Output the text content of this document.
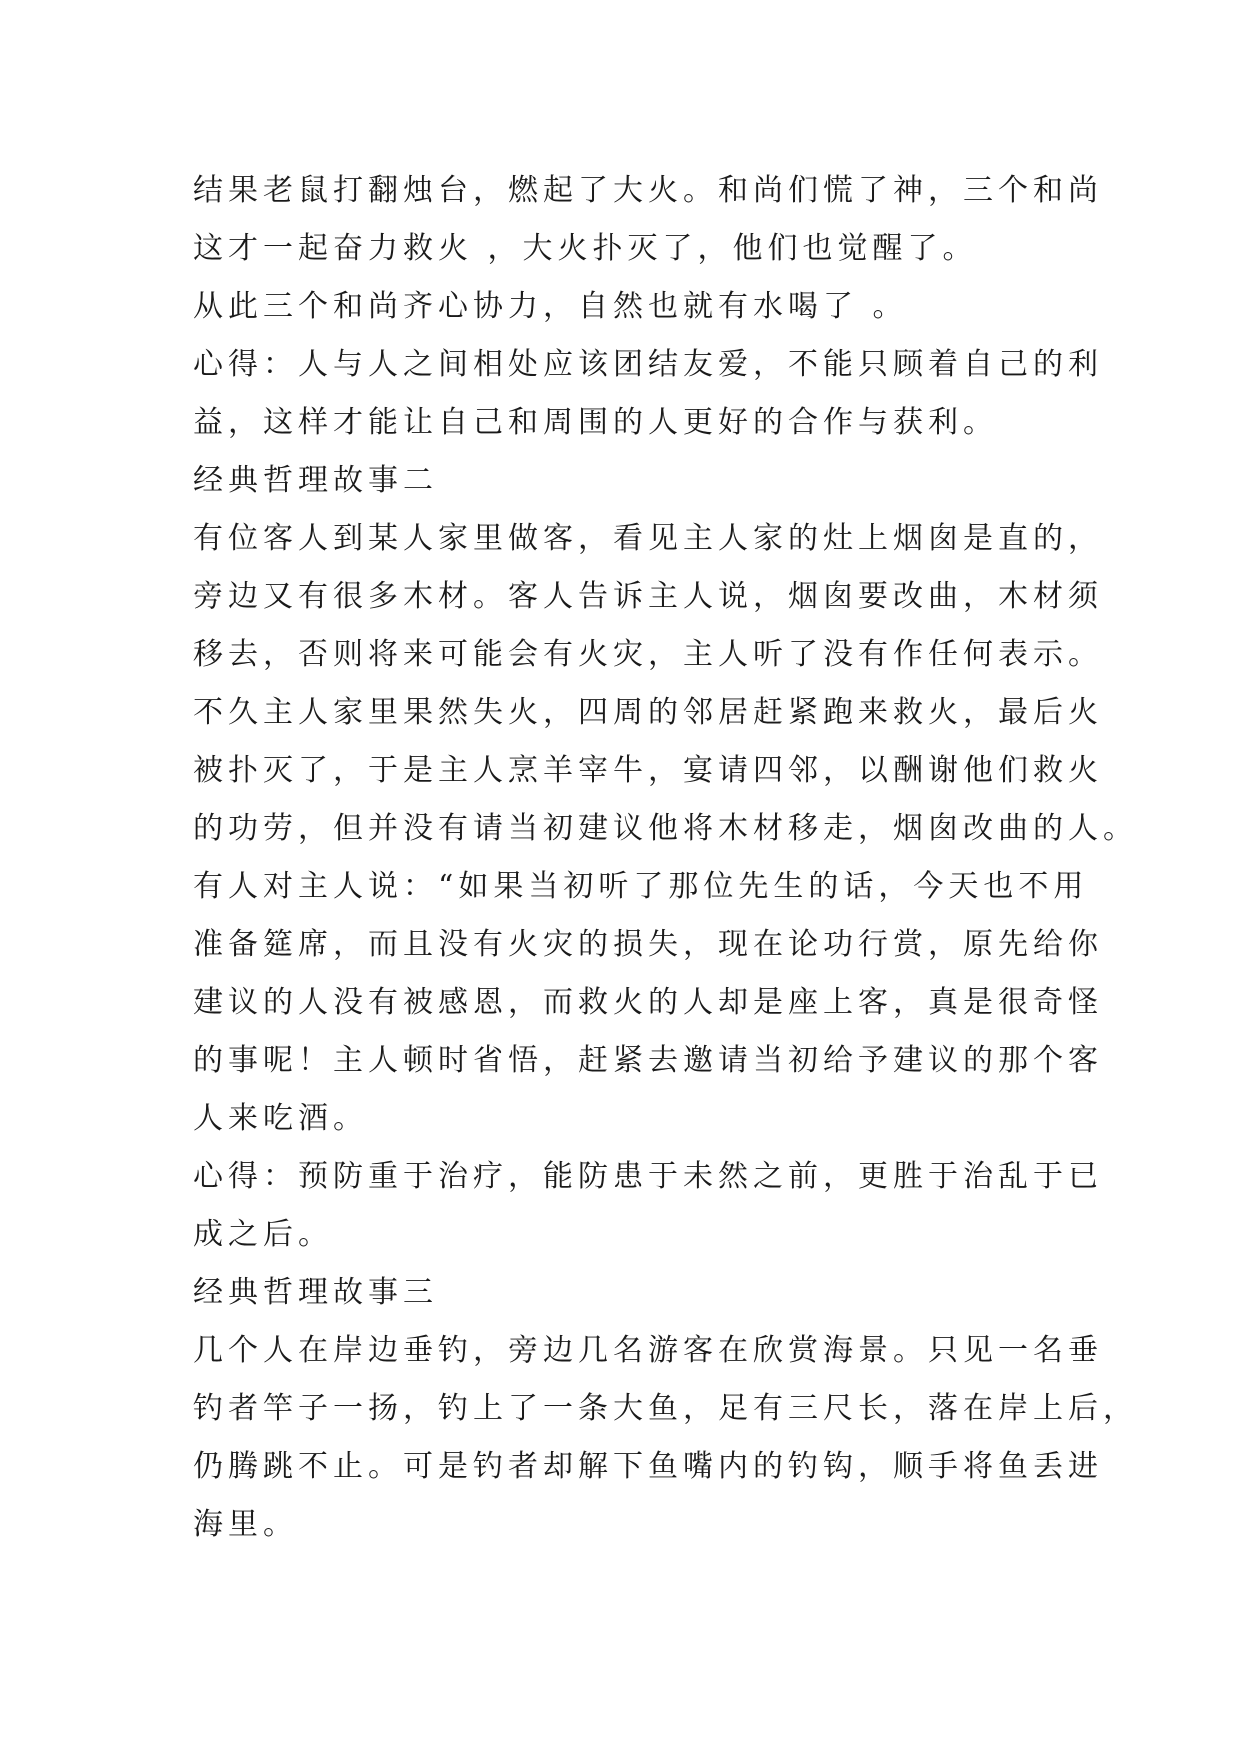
结果老鼠打翻烛台，燃起了大火。和尚们慌了神，三个和尚
这才一起奋力救火 ，大火扑灭了，他们也觉醒了。
从此三个和尚齐心协力，自然也就有水喝了 。
心得：人与人之间相处应该团结友爱，不能只顾着自己的利
益，这样才能让自己和周围的人更好的合作与获利。
经典哲理故事二
有位客人到某人家里做客，看见主人家的灶上烟囱是直的，
旁边又有很多木材。客人告诉主人说，烟囱要改曲，木材须
移去，否则将来可能会有火灾，主人听了没有作任何表示。
不久主人家里果然失火，四周的邻居赶紧跑来救火，最后火
被扑灭了，于是主人烹羊宰牛，宴请四邻，以酬谢他们救火
的功劳，但并没有请当初建议他将木材移走，烟囱改曲的人。
有人对主人说：“如果当初听了那位先生的话，今天也不用
准备筵席，而且没有火灾的损失，现在论功行赏，原先给你
建议的人没有被感恩，而救火的人却是座上客，真是很奇怪
的事呢！主人顿时省悟，赶紧去邀请当初给予建议的那个客
人来吃酒。
心得：预防重于治疗，能防患于未然之前，更胜于治乱于已
成之后。
经典哲理故事三
几个人在岸边垂钓，旁边几名游客在欣赏海景。只见一名垂
钓者竿子一扬，钓上了一条大鱼，足有三尺长，落在岸上后，
仍腾跳不止。可是钓者却解下鱼嘴内的钓钩，顺手将鱼丢进
海里。
